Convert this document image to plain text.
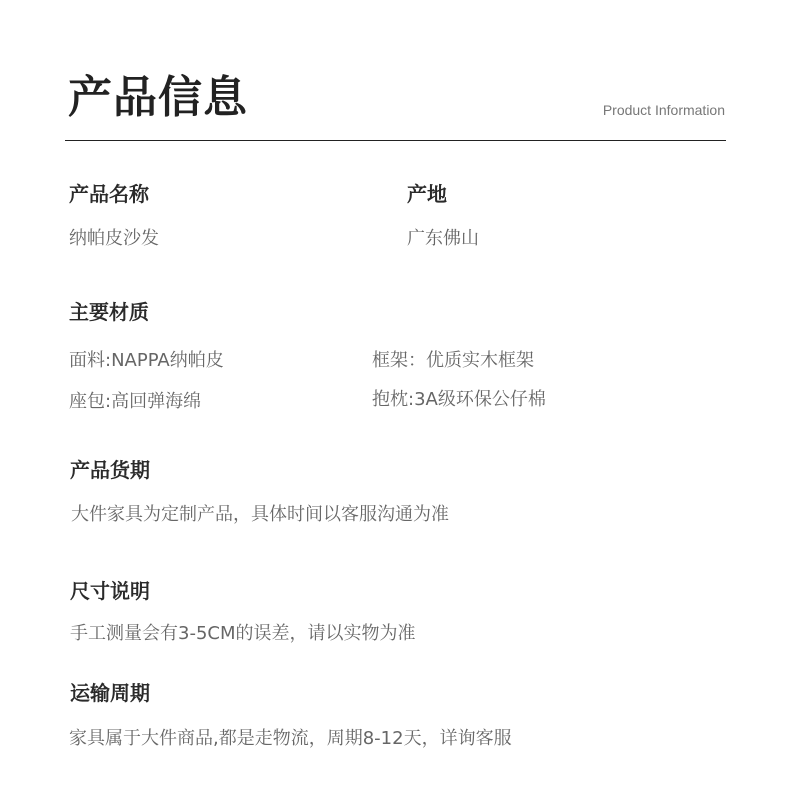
产品信息	Product Information
产品名称
纳帕皮沙发
产地
广东佛山
主要材质
面料:NAPPA纳帕皮	框架：优质实木框架
座包:高回弹海绵	抱枕:3A级环保公仔棉
产品货期
大件家具为定制产品，具体时间以客服沟通为准
尺寸说明
手工测量会有3-5CM的误差，请以实物为准
运输周期
家具属于大件商品,都是走物流，周期8-12天，详询客服
